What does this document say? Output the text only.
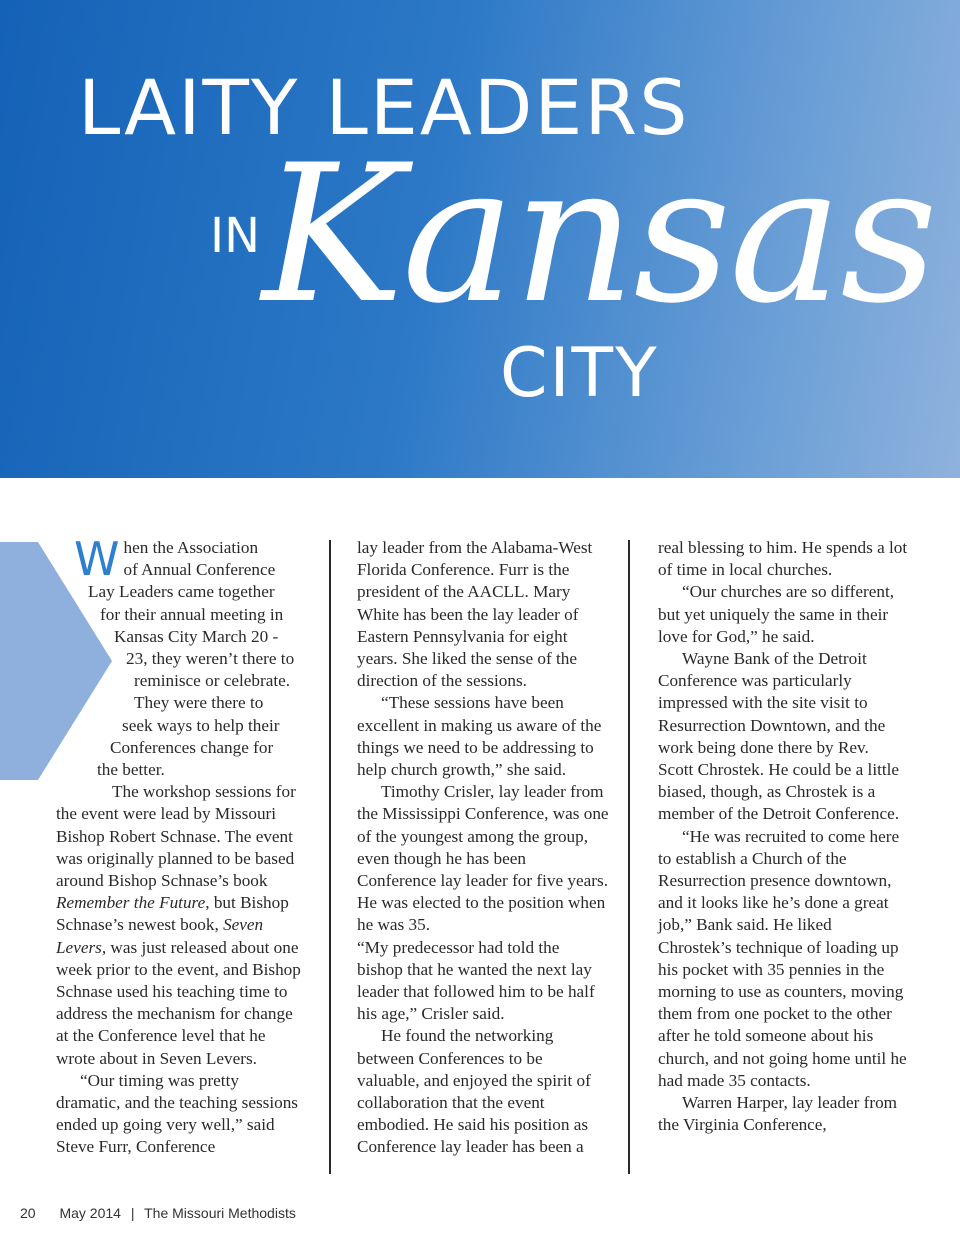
LAITY LEADERS
IN Kansas
CITY
W hen the Association
of Annual Conference
Lay Leaders came together
for their annual meeting in
Kansas City March 20 -
23, they weren’t there to
reminisce or celebrate.
They were there to
seek ways to help their
Conferences change for
the better.

The workshop sessions for the event were lead by Missouri Bishop Robert Schnase. The event was originally planned to be based around Bishop Schnase’s book Remember the Future, but Bishop Schnase’s newest book, Seven Levers, was just released about one week prior to the event, and Bishop Schnase used his teaching time to address the mechanism for change at the Conference level that he wrote about in Seven Levers.

“Our timing was pretty dramatic, and the teaching sessions ended up going very well,” said Steve Furr, Conference

lay leader from the Alabama-West Florida Conference. Furr is the president of the AACLL. Mary White has been the lay leader of Eastern Pennsylvania for eight years. She liked the sense of the direction of the sessions.

“These sessions have been excellent in making us aware of the things we need to be addressing to help church growth,” she said.

Timothy Crisler, lay leader from the Mississippi Conference, was one of the youngest among the group, even though he has been Conference lay leader for five years. He was elected to the position when he was 35.

“My predecessor had told the bishop that he wanted the next lay leader that followed him to be half his age,” Crisler said.

He found the networking between Conferences to be valuable, and enjoyed the spirit of collaboration that the event embodied. He said his position as Conference lay leader has been a

real blessing to him. He spends a lot of time in local churches.

“Our churches are so different, but yet uniquely the same in their love for God,” he said.

Wayne Bank of the Detroit Conference was particularly impressed with the site visit to Resurrection Downtown, and the work being done there by Rev. Scott Chrostek. He could be a little biased, though, as Chrostek is a member of the Detroit Conference.

“He was recruited to come here to establish a Church of the Resurrection presence downtown, and it looks like he’s done a great job,” Bank said. He liked Chrostek’s technique of loading up his pocket with 35 pennies in the morning to use as counters, moving them from one pocket to the other after he told someone about his church, and not going home until he had made 35 contacts.

Warren Harper, lay leader from the Virginia Conference,

20 May 2014 | The Missouri Methodists
